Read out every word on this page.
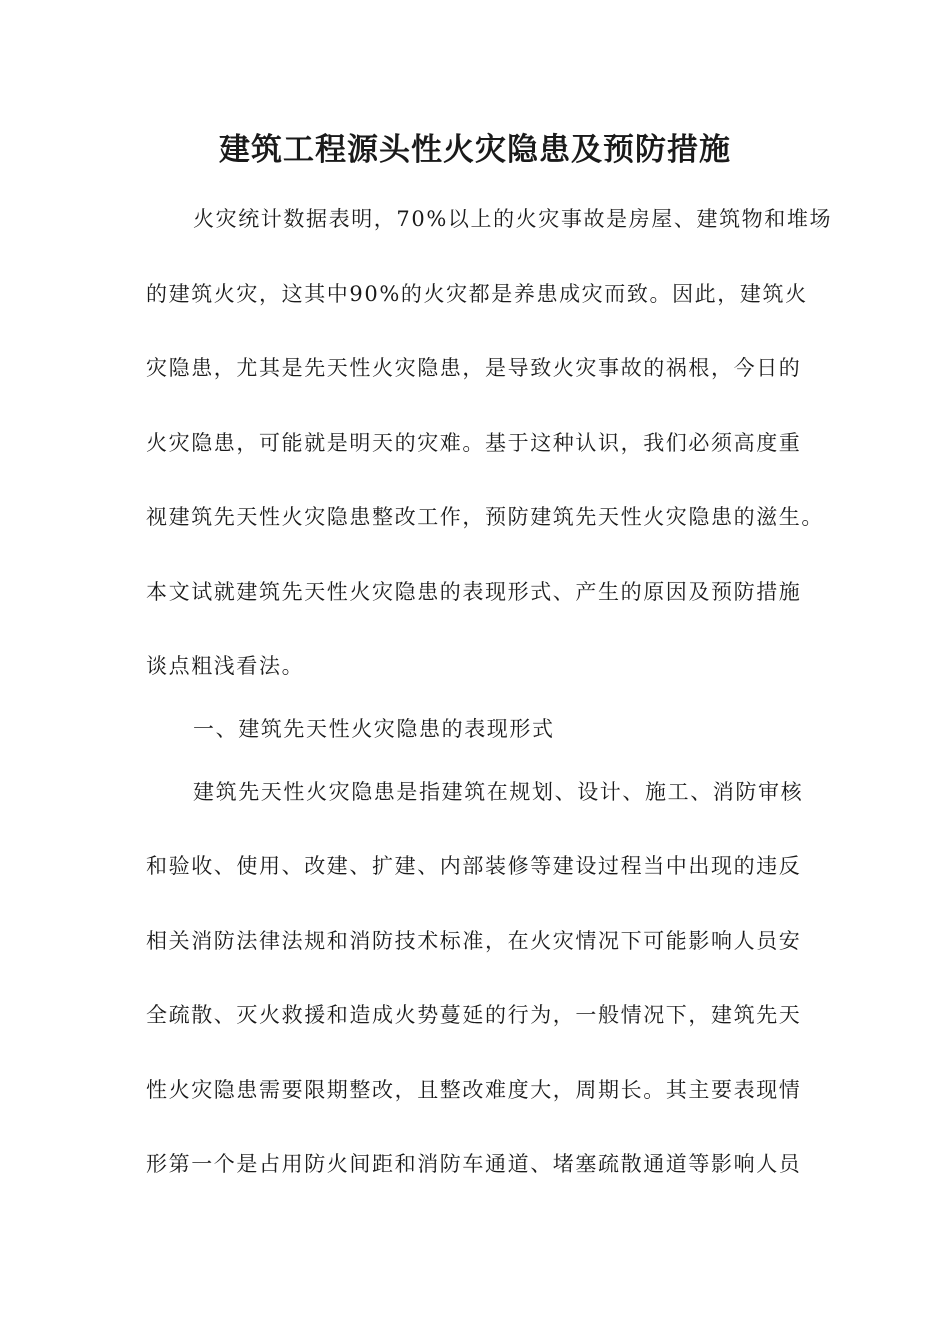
建筑工程源头性火灾隐患及预防措施
火灾统计数据表明，70%以上的火灾事故是房屋、建筑物和堆场
的建筑火灾，这其中90%的火灾都是养患成灾而致。因此，建筑火
灾隐患，尤其是先天性火灾隐患，是导致火灾事故的祸根，今日的
火灾隐患，可能就是明天的灾难。基于这种认识，我们必须高度重
视建筑先天性火灾隐患整改工作，预防建筑先天性火灾隐患的滋生。
本文试就建筑先天性火灾隐患的表现形式、产生的原因及预防措施
谈点粗浅看法。
一、建筑先天性火灾隐患的表现形式
建筑先天性火灾隐患是指建筑在规划、设计、施工、消防审核
和验收、使用、改建、扩建、内部装修等建设过程当中出现的违反
相关消防法律法规和消防技术标准，在火灾情况下可能影响人员安
全疏散、灭火救援和造成火势蔓延的行为，一般情况下，建筑先天
性火灾隐患需要限期整改，且整改难度大，周期长。其主要表现情
形第一个是占用防火间距和消防车通道、堵塞疏散通道等影响人员
